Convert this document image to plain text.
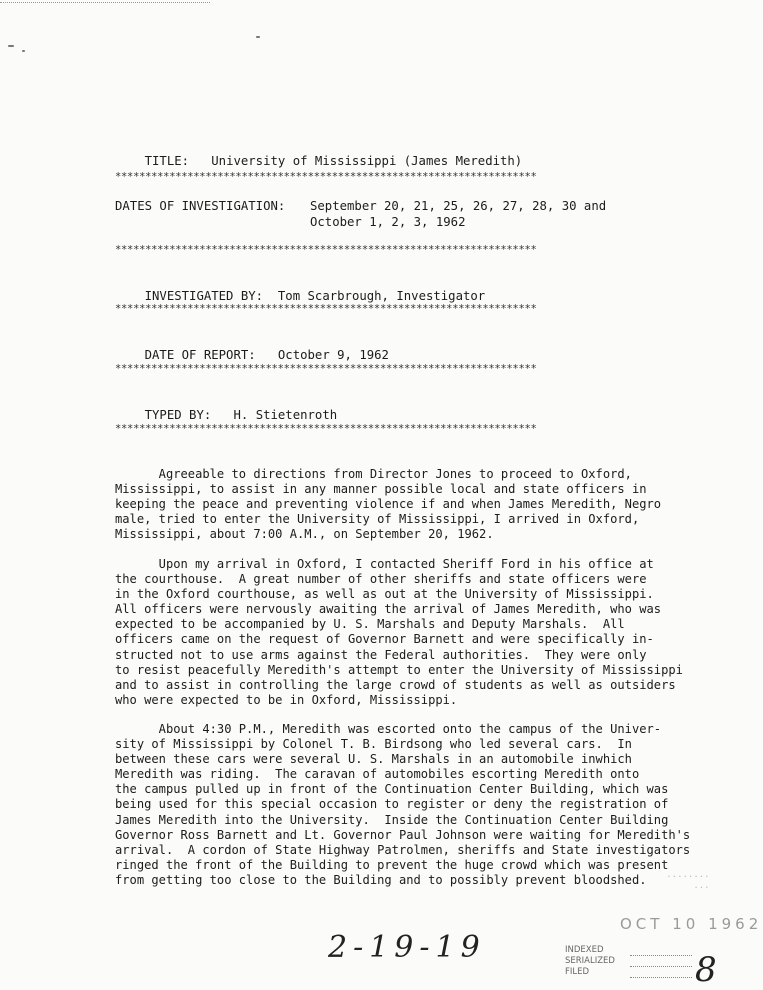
TITLE: University of Mississippi (James Meredith)

**********************************************************************
DATES OF INVESTIGATION: September 20, 21, 25, 26, 27, 28, 30 and
October 1, 2, 3, 1962
**********************************************************************

INVESTIGATED BY: Tom Scarbrough, Investigator

**********************************************************************

DATE OF REPORT: October 9, 1962

**********************************************************************

TYPED BY: H. Stietenroth

**********************************************************************
Agreeable to directions from Director Jones to proceed to Oxford,
Mississippi, to assist in any manner possible local and state officers in
keeping the peace and preventing violence if and when James Meredith, Negro
male, tried to enter the University of Mississippi, I arrived in Oxford,
Mississippi, about 7:00 A.M., on September 20, 1962.
Upon my arrival in Oxford, I contacted Sheriff Ford in his office at
the courthouse.  A great number of other sheriffs and state officers were
in the Oxford courthouse, as well as out at the University of Mississippi.
All officers were nervously awaiting the arrival of James Meredith, who was
expected to be accompanied by U. S. Marshals and Deputy Marshals.  All
officers came on the request of Governor Barnett and were specifically in-
structed not to use arms against the Federal authorities.  They were only
to resist peacefully Meredith's attempt to enter the University of Mississippi
and to assist in controlling the large crowd of students as well as outsiders
who were expected to be in Oxford, Mississippi.
About 4:30 P.M., Meredith was escorted onto the campus of the Univer-
sity of Mississippi by Colonel T. B. Birdsong who led several cars.  In
between these cars were several U. S. Marshals in an automobile inwhich
Meredith was riding.  The caravan of automobiles escorting Meredith onto
the campus pulled up in front of the Continuation Center Building, which was
being used for this special occasion to register or deny the registration of
James Meredith into the University.  Inside the Continuation Center Building
Governor Ross Barnett and Lt. Governor Paul Johnson were waiting for Meredith's
arrival.  A cordon of State Highway Patrolmen, sheriffs and State investigators
ringed the front of the Building to prevent the huge crowd which was present
from getting too close to the Building and to possibly prevent bloodshed.	........
...
OCT 10 1962
2-19-19	INDEXED
SERIALIZED
FILED	8
